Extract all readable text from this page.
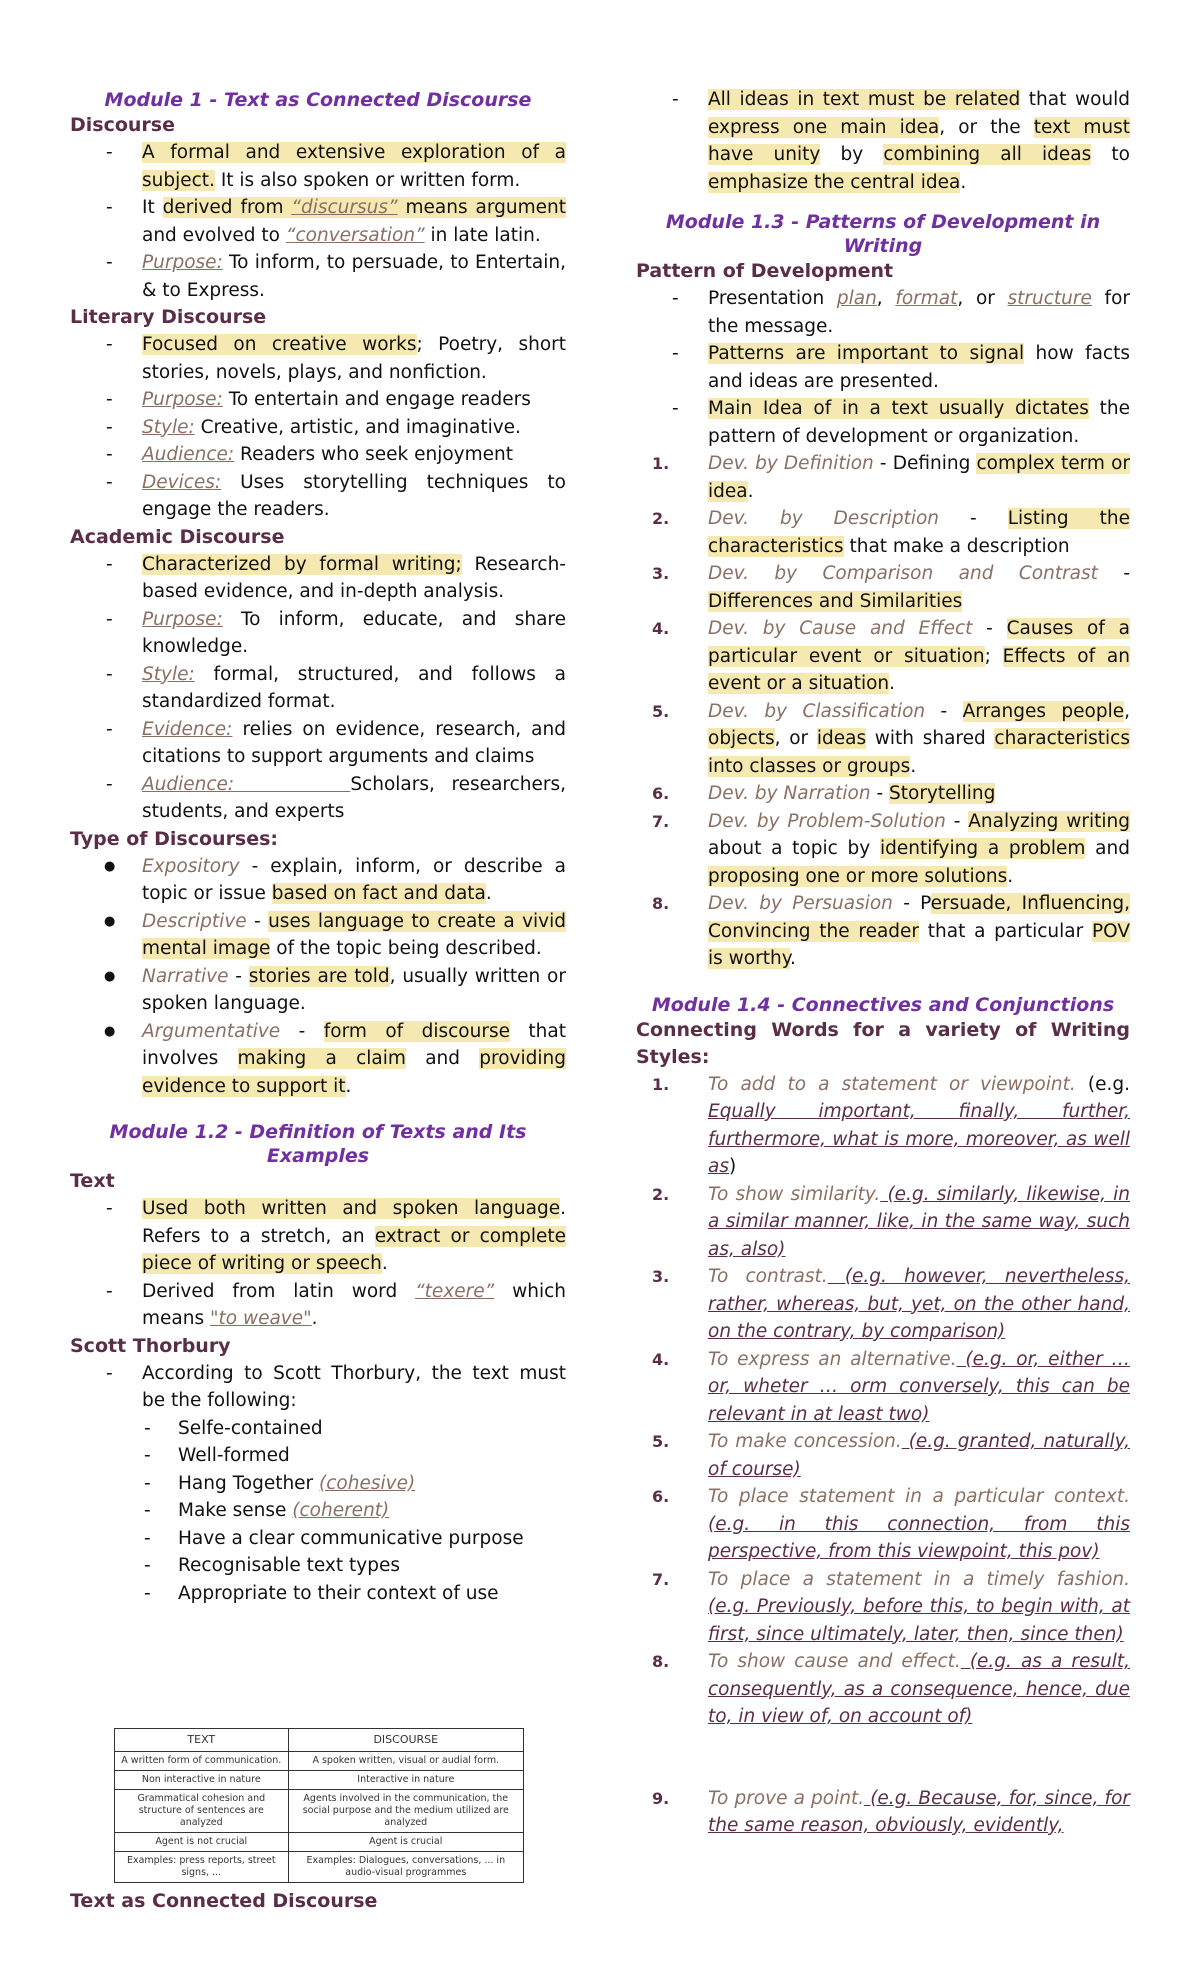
Module 1 - Text as Connected Discourse

Discourse

- A formal and extensive exploration of a subject. It is also spoken or written form.
- It derived from “discursus” means argument and evolved to “conversation” in late latin.
- Purpose: To inform, to persuade, to Entertain, & to Express.

Literary Discourse

- Focused on creative works; Poetry, short stories, novels, plays, and nonfiction.
- Purpose: To entertain and engage readers
- Style: Creative, artistic, and imaginative.
- Audience: Readers who seek enjoyment
- Devices: Uses storytelling techniques to engage the readers.

Academic Discourse

- Characterized by formal writing; Research-based evidence, and in-depth analysis.
- Purpose: To inform, educate, and share knowledge.
- Style: formal, structured, and follows a standardized format.
- Evidence: relies on evidence, research, and citations to support arguments and claims
- Audience:       Scholars, researchers, students, and experts

Type of Discourses:

● Expository - explain, inform, or describe a topic or issue based on fact and data.
● Descriptive - uses language to create a vivid mental image of the topic being described.
● Narrative - stories are told, usually written or spoken language.
● Argumentative - form of discourse that involves making a claim and providing evidence to support it.

Module 1.2 - Definition of Texts and Its Examples

Text

- Used both written and spoken language. Refers to a stretch, an extract or complete piece of writing or speech.
- Derived from latin word “texere” which means "to weave".

Scott Thorbury

- According to Scott Thorbury, the text must be the following:
- Selfe-contained
- Well-formed
- Hang Together (cohesive)
- Make sense (coherent)
- Have a clear communicative purpose
- Recognisable text types
- Appropriate to their context of use
TEXT	DISCOURSE
A written form of communication.	A spoken written, visual or audial form.
Non interactive in nature	Interactive in nature
Grammatical cohesion and structure of sentences are analyzed	Agents involved in the communication, the social purpose and the medium utilized are analyzed
Agent is not crucial	Agent is crucial
Examples: press reports, street signs, ...	Examples: Dialogues, conversations, ... in audio-visual programmes
Text as Connected Discourse
- All ideas in text must be related that would express one main idea, or the text must have unity by combining all ideas to emphasize the central idea.

Module 1.3 - Patterns of Development in Writing

Pattern of Development

- Presentation plan, format, or structure for the message.
- Patterns are important to signal how facts and ideas are presented.
- Main Idea of in a text usually dictates the pattern of development or organization.
1. Dev. by Definition - Defining complex term or idea.
2. Dev. by Description - Listing the characteristics that make a description
3. Dev. by Comparison and Contrast - Differences and Similarities
4. Dev. by Cause and Effect - Causes of a particular event or situation; Effects of an event or a situation.
5. Dev. by Classification - Arranges people, objects, or ideas with shared characteristics into classes or groups.
6. Dev. by Narration - Storytelling
7. Dev. by Problem-Solution - Analyzing writing about a topic by identifying a problem and proposing one or more solutions.
8. Dev. by Persuasion - Persuade, Influencing, Convincing the reader that a particular POV is worthy.

Module 1.4 - Connectives and Conjunctions

Connecting Words for a variety of Writing Styles:

1. To add to a statement or viewpoint. (e.g. Equally important, finally, further, furthermore, what is more, moreover, as well as)
2. To show similarity. (e.g. similarly, likewise, in a similar manner, like, in the same way, such as, also)
3. To contrast. (e.g. however, nevertheless, rather, whereas, but, yet, on the other hand, on the contrary, by comparison)
4. To express an alternative. (e.g. or, either … or, wheter … orm conversely, this can be relevant in at least two)
5. To make concession. (e.g. granted, naturally, of course)
6. To place statement in a particular context. (e.g. in this connection, from this perspective, from this viewpoint, this pov)
7. To place a statement in a timely fashion. (e.g. Previously, before this, to begin with, at first, since ultimately, later, then, since then)
8. To show cause and effect. (e.g. as a result, consequently, as a consequence, hence, due to, in view of, on account of)
9. To prove a point. (e.g. Because, for, since, for the same reason, obviously, evidently,
